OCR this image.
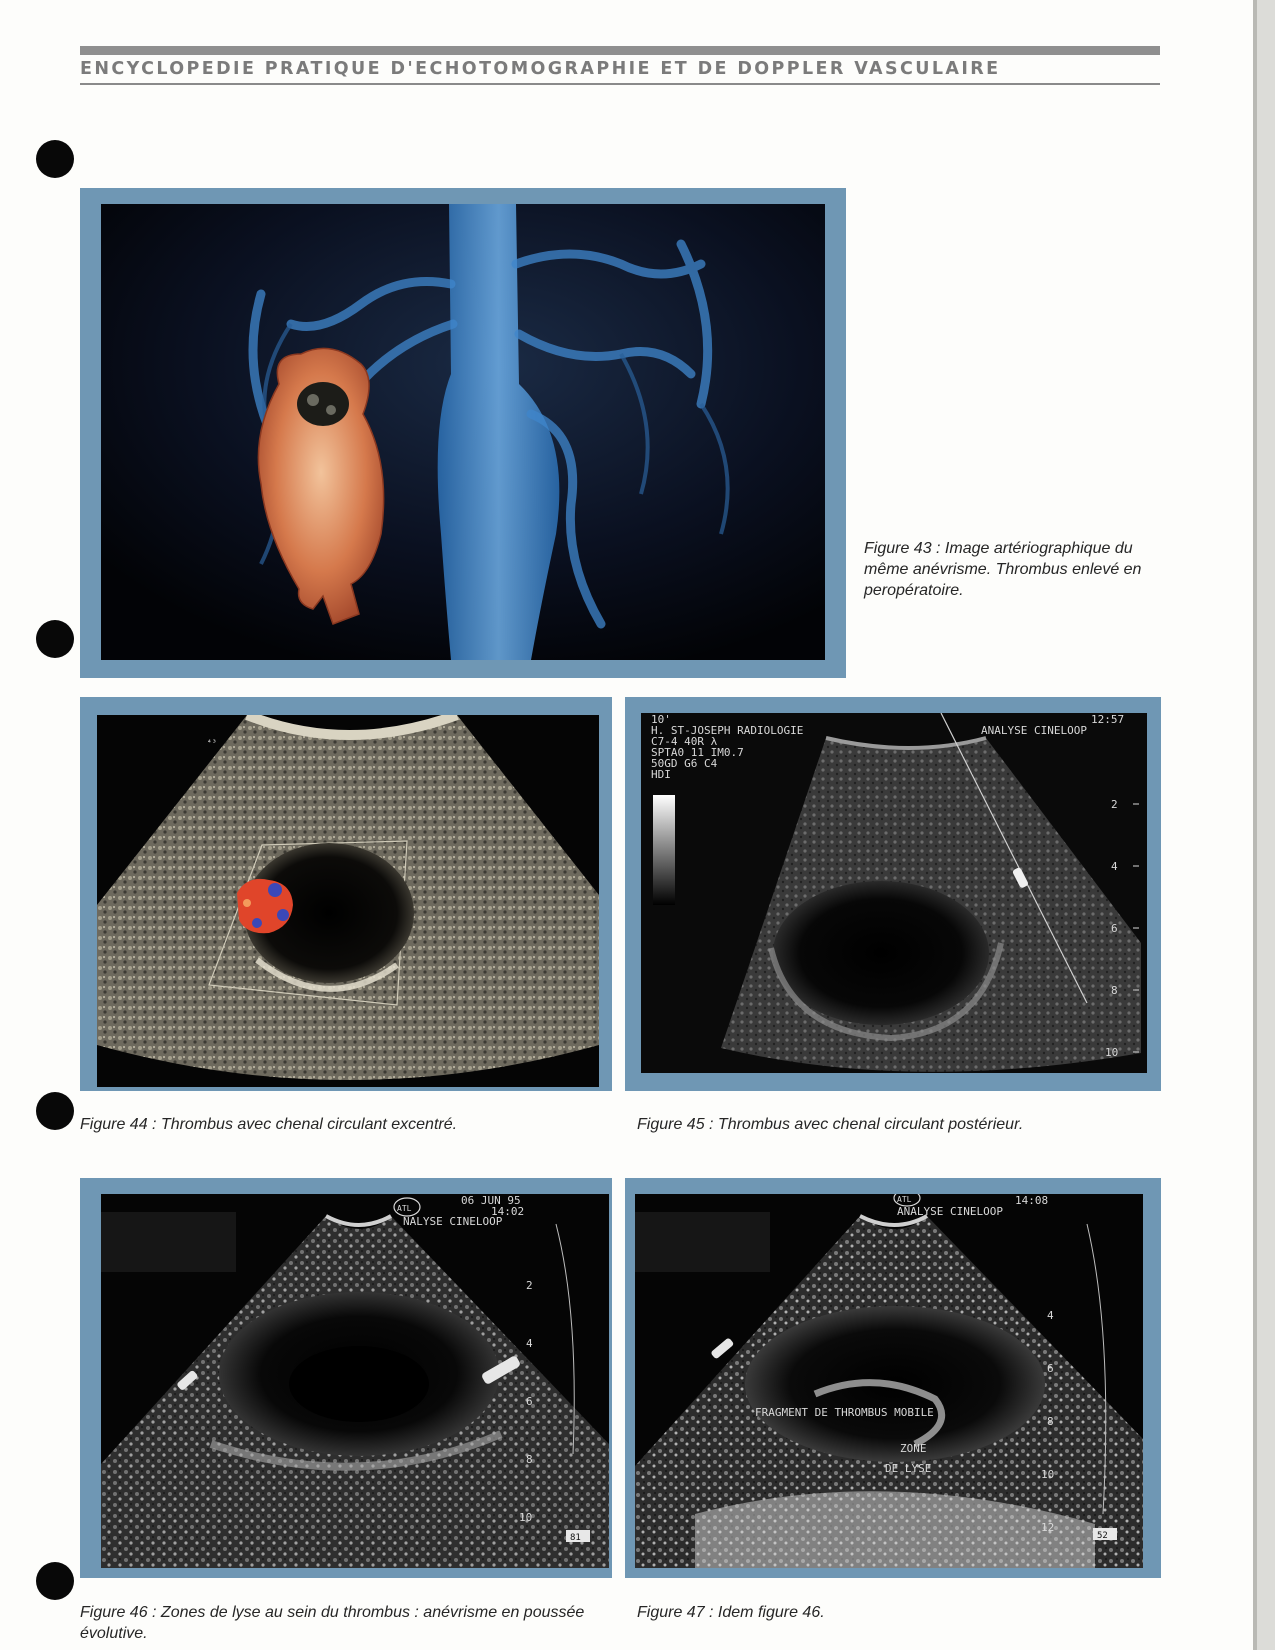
ENCYCLOPEDIE PRATIQUE D'ECHOTOMOGRAPHIE ET DE DOPPLER VASCULAIRE
Figure 43 : Image artériographique du même anévrisme. Thrombus enlevé en peropératoire.
⁴³
Figure 44 : Thrombus avec chenal circulant excentré.
10'
H. ST-JOSEPH RADIOLOGIE
C7-4 40R λ
SPTA0 11 IM0.7
50GD G6 C4
HDI
12:57
ANALYSE CINELOOP
2
4
6
8
10
Figure 45 : Thrombus avec chenal circulant postérieur.
ATL
06 JUN 95
14:02
NALYSE CINELOOP
2
4
6
8
10
81
Figure 46 : Zones de lyse au sein du thrombus : anévrisme en poussée évolutive.
ATL	14:08
ANALYSE CINELOOP
4
6
8
10
12
FRAGMENT DE THROMBUS MOBILE
ZONE
DE LYSE
52
Figure 47 : Idem figure 46.
